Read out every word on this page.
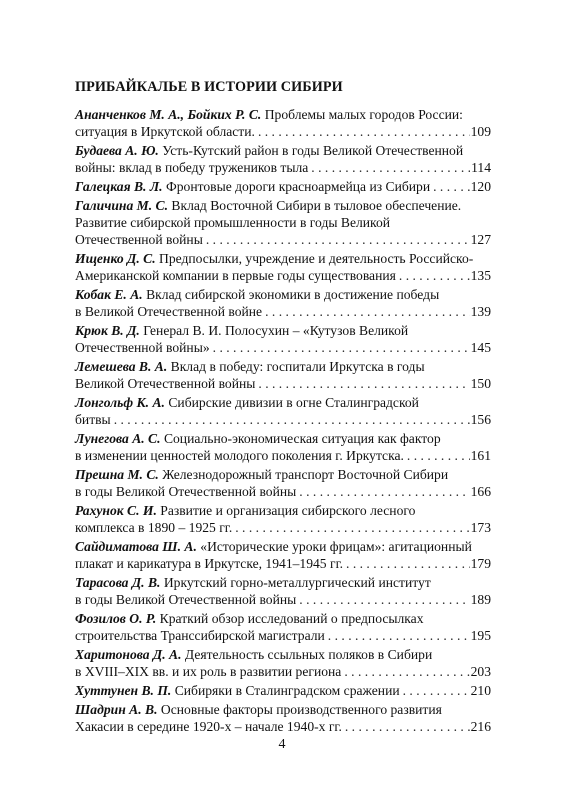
ПРИБАЙКАЛЬЕ В ИСТОРИИ СИБИРИ
Ананченков М. А., Бойких Р. С.
Проблемы малых городов России:
ситуация в Иркутской области. . . .	109
Будаева А. Ю.
Усть-Кутский район в годы Великой Отечественной
войны: вклад в победу тружеников тыла . . .	114
Галецкая В. Л.
Фронтовые дороги красноармейца из Сибири . . .	120
Галичина М. С.
Вклад Восточной Сибири в тыловое обеспечение.
Развитие сибирской промышленности в годы Великой
Отечественной войны . . .	127
Ищенко Д. С.
Предпосылки, учреждение и деятельность Российско-
Американской компании в первые годы существования . . .	135
Кобак Е. А.
Вклад сибирской экономики в достижение победы
в Великой Отечественной войне . . .	139
Крюк В. Д.
Генерал В. И. Полосухин – «Кутузов Великой
Отечественной войны» . . .	145
Лемешева В. А.
Вклад в победу: госпитали Иркутска в годы
Великой Отечественной войны . . .	150
Лонгольф К. А.
Сибирские дивизии в огне Сталинградской
битвы . . .	156
Лунегова А. С.
Социально-экономическая ситуация как фактор
в изменении ценностей молодого поколения г. Иркутска. . . .	161
Прешна М. С.
Железнодорожный транспорт Восточной Сибири
в годы Великой Отечественной войны . . .	166
Рахунок С. И.
Развитие и организация сибирского лесного
комплекса в 1890 – 1925 гг. . . .	173
Сайдиматова Ш. А.
«Исторические уроки фрицам»: агитационный
плакат и карикатура в Иркутске, 1941–1945 гг. . . .	179
Тарасова Д. В.
Иркутский горно-металлургический институт
в годы Великой Отечественной войны . . .	189
Фозилов О. Р.
Краткий обзор исследований о предпосылках
строительства Транссибирской магистрали . . .	195
Харитонова Д. А.
Деятельность ссыльных поляков в Сибири
в XVIII–XIX вв. и их роль в развитии региона . . .	203
Хуттунен В. П.
Сибиряки в Сталинградском сражении . . .	210
Шадрин А. В.
Основные факторы производственного развития
Хакасии в середине 1920-х – начале 1940-х гг. . . .	216
4
